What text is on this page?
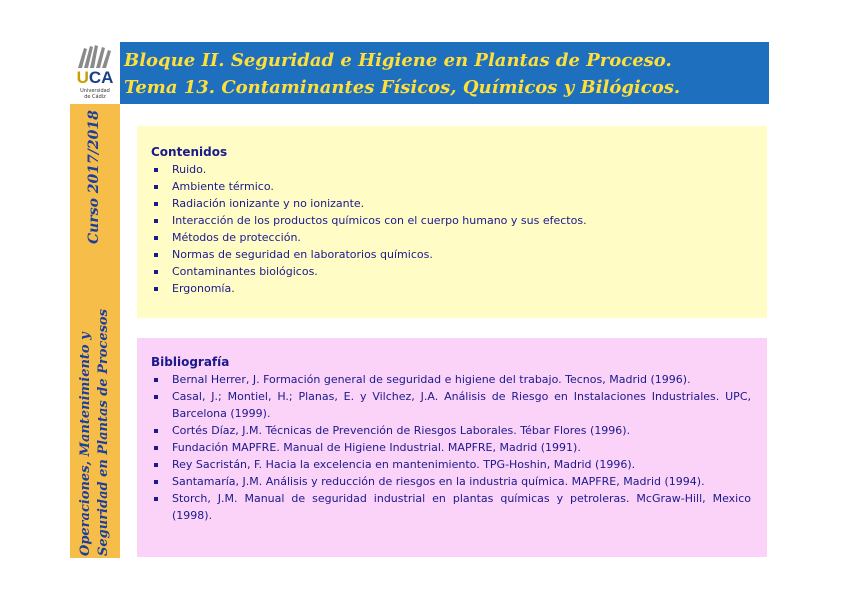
UCA
Universidad
de Cádiz
Bloque II. Seguridad e Higiene en Plantas de Proceso.
Tema 13. Contaminantes Físicos, Químicos y Bilógicos.
Curso 2017/2018
Operaciones, Mantenimiento y Seguridad en Plantas de Procesos
Contenidos
Ruido.
Ambiente térmico.
Radiación ionizante y no ionizante.
Interacción de los productos químicos con el cuerpo humano y sus efectos.
Métodos de protección.
Normas de seguridad en laboratorios químicos.
Contaminantes biológicos.
Ergonomía.
Bibliografía
Bernal Herrer, J. Formación general de seguridad e higiene del trabajo. Tecnos, Madrid (1996).
Casal, J.; Montiel, H.; Planas, E. y Vilchez, J.A. Análisis de Riesgo en Instalaciones Industriales. UPC, Barcelona (1999).
Cortés Díaz, J.M. Técnicas de Prevención de Riesgos Laborales. Tébar Flores (1996).
Fundación MAPFRE. Manual de Higiene Industrial. MAPFRE, Madrid (1991).
Rey Sacristán, F. Hacia la excelencia en mantenimiento. TPG-Hoshin, Madrid (1996).
Santamaría, J.M. Análisis y reducción de riesgos en la industria química. MAPFRE, Madrid (1994).
Storch, J.M. Manual de seguridad industrial en plantas químicas y petroleras. McGraw-Hill, Mexico (1998).
